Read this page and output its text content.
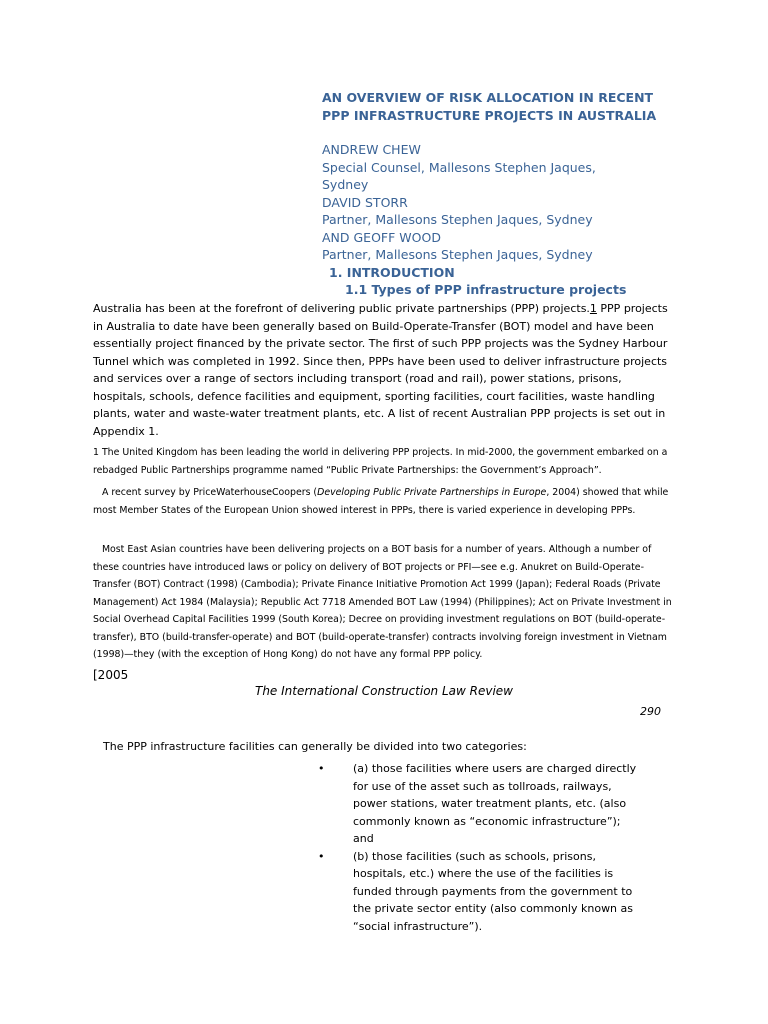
AN OVERVIEW OF RISK ALLOCATION IN RECENT PPP INFRASTRUCTURE PROJECTS IN AUSTRALIA
ANDREW CHEW
Special Counsel, Mallesons Stephen Jaques, Sydney
DAVID STORR
Partner, Mallesons Stephen Jaques, Sydney
AND GEOFF WOOD
Partner, Mallesons Stephen Jaques, Sydney
1. INTRODUCTION
1.1 Types of PPP infrastructure projects
Australia has been at the forefront of delivering public private partnerships (PPP) projects.1 PPP projects in Australia to date have been generally based on Build-Operate-Transfer (BOT) model and have been essentially project financed by the private sector. The first of such PPP projects was the Sydney Harbour Tunnel which was completed in 1992. Since then, PPPs have been used to deliver infrastructure projects and services over a range of sectors including transport (road and rail), power stations, prisons, hospitals, schools, defence facilities and equipment, sporting facilities, court facilities, waste handling plants, water and waste-water treatment plants, etc. A list of recent Australian PPP projects is set out in Appendix 1.
1 The United Kingdom has been leading the world in delivering PPP projects. In mid-2000, the government embarked on a rebadged Public Partnerships programme named “Public Private Partnerships: the Government’s Approach”.
A recent survey by PriceWaterhouseCoopers (Developing Public Private Partnerships in Europe, 2004) showed that while most Member States of the European Union showed interest in PPPs, there is varied experience in developing PPPs.
Most East Asian countries have been delivering projects on a BOT basis for a number of years. Although a number of these countries have introduced laws or policy on delivery of BOT projects or PFI—see e.g. Anukret on Build-Operate-Transfer (BOT) Contract (1998) (Cambodia); Private Finance Initiative Promotion Act 1999 (Japan); Federal Roads (Private Management) Act 1984 (Malaysia); Republic Act 7718 Amended BOT Law (1994) (Philippines); Act on Private Investment in Social Overhead Capital Facilities 1999 (South Korea); Decree on providing investment regulations on BOT (build-operate-transfer), BTO (build-transfer-operate) and BOT (build-operate-transfer) contracts involving foreign investment in Vietnam (1998)—they (with the exception of Hong Kong) do not have any formal PPP policy.
[2005
The International Construction Law Review
290
The PPP infrastructure facilities can generally be divided into two categories:
•	(a) those facilities where users are charged directly for use of the asset such as tollroads, railways, power stations, water treatment plants, etc. (also commonly known as “economic infrastructure”); and
•	(b) those facilities (such as schools, prisons, hospitals, etc.) where the use of the facilities is funded through payments from the government to the private sector entity (also commonly known as “social infrastructure”).
